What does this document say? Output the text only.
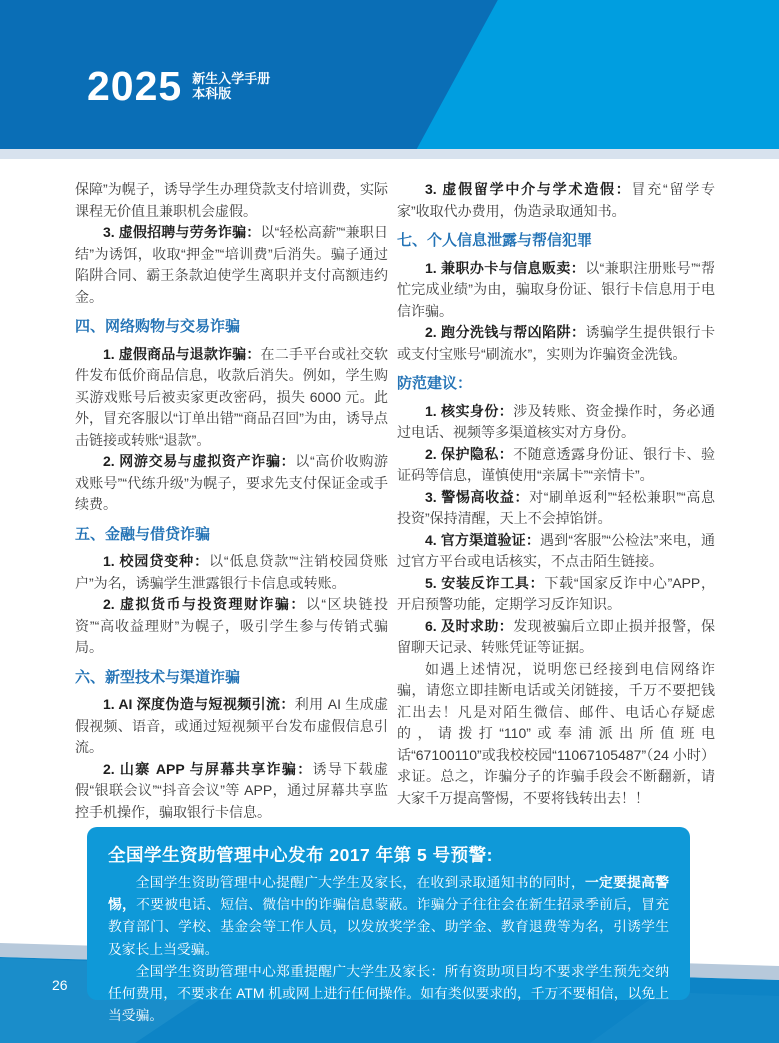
2025 新生入学手册
本科版

保障”为幌子，诱导学生办理贷款支付培训费，实际课程无价值且兼职机会虚假。

3. 虚假招聘与劳务诈骗：以“轻松高薪”“兼职日结”为诱饵，收取“押金”“培训费”后消失。骗子通过陷阱合同、霸王条款迫使学生离职并支付高额违约金。

四、网络购物与交易诈骗

1. 虚假商品与退款诈骗：在二手平台或社交软件发布低价商品信息，收款后消失。例如，学生购买游戏账号后被卖家更改密码，损失 6000 元。此外，冒充客服以“订单出错”“商品召回”为由，诱导点击链接或转账“退款”。

2. 网游交易与虚拟资产诈骗：以“高价收购游戏账号”“代练升级”为幌子，要求先支付保证金或手续费。

五、金融与借贷诈骗

1. 校园贷变种：以“低息贷款”“注销校园贷账户”为名，诱骗学生泄露银行卡信息或转账。

2. 虚拟货币与投资理财诈骗：以“区块链投资”“高收益理财”为幌子，吸引学生参与传销式骗局。

六、新型技术与渠道诈骗

1. AI 深度伪造与短视频引流：利用 AI 生成虚假视频、语音，或通过短视频平台发布虚假信息引流。

2. 山寨 APP 与屏幕共享诈骗：诱导下载虚假“银联会议”“抖音会议”等 APP，通过屏幕共享监控手机操作，骗取银行卡信息。

3. 虚假留学中介与学术造假：冒充“留学专家”收取代办费用，伪造录取通知书。

七、个人信息泄露与帮信犯罪

1. 兼职办卡与信息贩卖：以“兼职注册账号”“帮忙完成业绩”为由，骗取身份证、银行卡信息用于电信诈骗。

2. 跑分洗钱与帮凶陷阱：诱骗学生提供银行卡或支付宝账号“刷流水”，实则为诈骗资金洗钱。

防范建议：

1. 核实身份：涉及转账、资金操作时，务必通过电话、视频等多渠道核实对方身份。

2. 保护隐私：不随意透露身份证、银行卡、验证码等信息，谨慎使用“亲属卡”“亲情卡”。

3. 警惕高收益：对“刷单返利”“轻松兼职”“高息投资”保持清醒，天上不会掉馅饼。

4. 官方渠道验证：遇到“客服”“公检法”来电，通过官方平台或电话核实，不点击陌生链接。

5. 安装反诈工具：下载“国家反诈中心”APP，开启预警功能，定期学习反诈知识。

6. 及时求助：发现被骗后立即止损并报警，保留聊天记录、转账凭证等证据。

如遇上述情况，说明您已经接到电信网络诈骗，请您立即挂断电话或关闭链接，千万不要把钱汇出去！凡是对陌生微信、邮件、电话心存疑虑的，请拨打“110”或奉浦派出所值班电话“67100110”或我校校园“11067105487”（24 小时）求证。总之，诈骗分子的诈骗手段会不断翻新，请大家千万提高警惕，不要将钱转出去！！

26
全国学生资助管理中心发布 2017 年第 5 号预警:

全国学生资助管理中心提醒广大学生及家长，在收到录取通知书的同时，一定要提高警惕，不要被电话、短信、微信中的诈骗信息蒙蔽。诈骗分子往往会在新生招录季前后，冒充教育部门、学校、基金会等工作人员，以发放奖学金、助学金、教育退费等为名，引诱学生及家长上当受骗。

全国学生资助管理中心郑重提醒广大学生及家长：所有资助项目均不要求学生预先交纳任何费用，不要求在 ATM 机或网上进行任何操作。如有类似要求的，千万不要相信，以免上当受骗。
